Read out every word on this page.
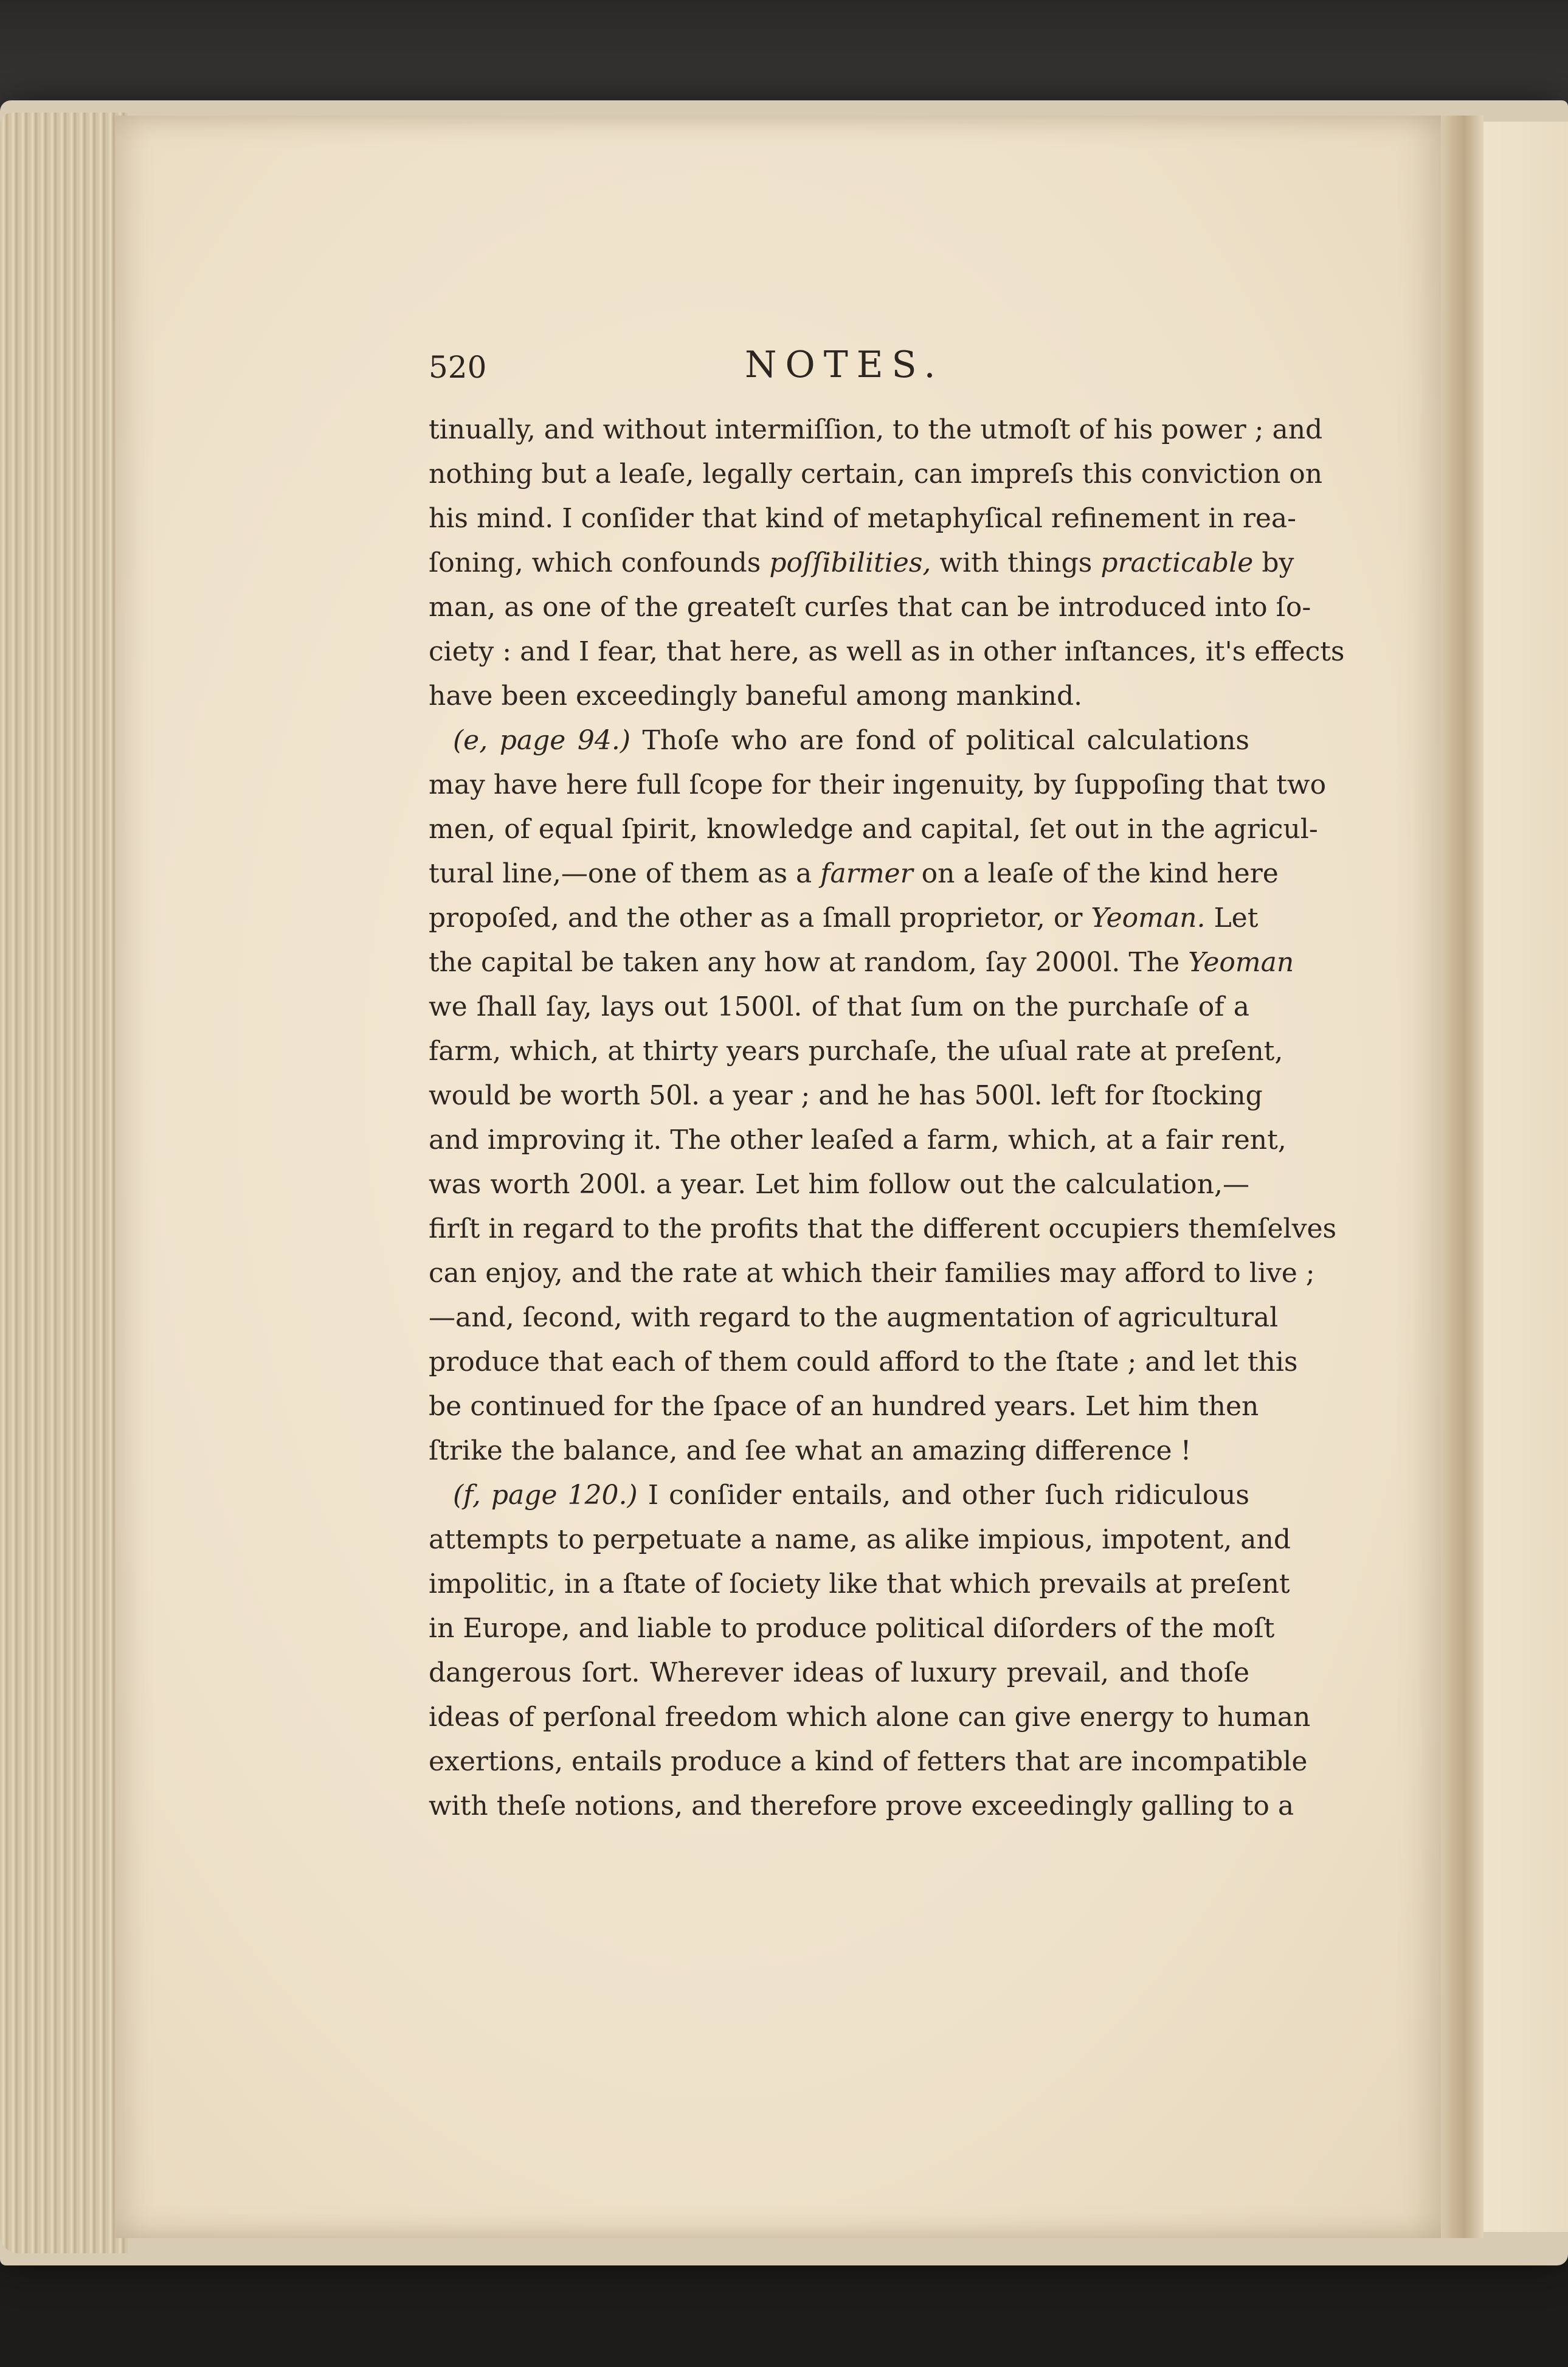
520	NOTES.
tinually, and without intermiſſion, to the utmoſt of his power ; and
nothing but a leaſe, legally certain, can impreſs this conviction on
his mind. I conſider that kind of metaphyſical refinement in rea-
ſoning, which confounds poſſibilities, with things practicable by
man, as one of the greateſt curſes that can be introduced into ſo-
ciety : and I fear, that here, as well as in other inſtances, it's effects
have been exceedingly baneful among mankind.
(e, page 94.) Thoſe who are fond of political calculations
may have here full ſcope for their ingenuity, by ſuppoſing that two
men, of equal ſpirit, knowledge and capital, ſet out in the agricul-
tural line,—one of them as a farmer on a leaſe of the kind here
propoſed, and the other as a ſmall proprietor, or Yeoman. Let
the capital be taken any how at random, ſay 2000l. The Yeoman
we ſhall ſay, lays out 1500l. of that ſum on the purchaſe of a
farm, which, at thirty years purchaſe, the uſual rate at preſent,
would be worth 50l. a year ; and he has 500l. left for ſtocking
and improving it. The other leaſed a farm, which, at a fair rent,
was worth 200l. a year. Let him follow out the calculation,—
firſt in regard to the profits that the different occupiers themſelves
can enjoy, and the rate at which their families may afford to live ;
—and, ſecond, with regard to the augmentation of agricultural
produce that each of them could afford to the ſtate ; and let this
be continued for the ſpace of an hundred years. Let him then
ſtrike the balance, and ſee what an amazing difference !
(f, page 120.) I conſider entails, and other ſuch ridiculous
attempts to perpetuate a name, as alike impious, impotent, and
impolitic, in a ſtate of ſociety like that which prevails at preſent
in Europe, and liable to produce political diſorders of the moſt
dangerous ſort. Wherever ideas of luxury prevail, and thoſe
ideas of perſonal freedom which alone can give energy to human
exertions, entails produce a kind of fetters that are incompatible
with theſe notions, and therefore prove exceedingly galling to a
